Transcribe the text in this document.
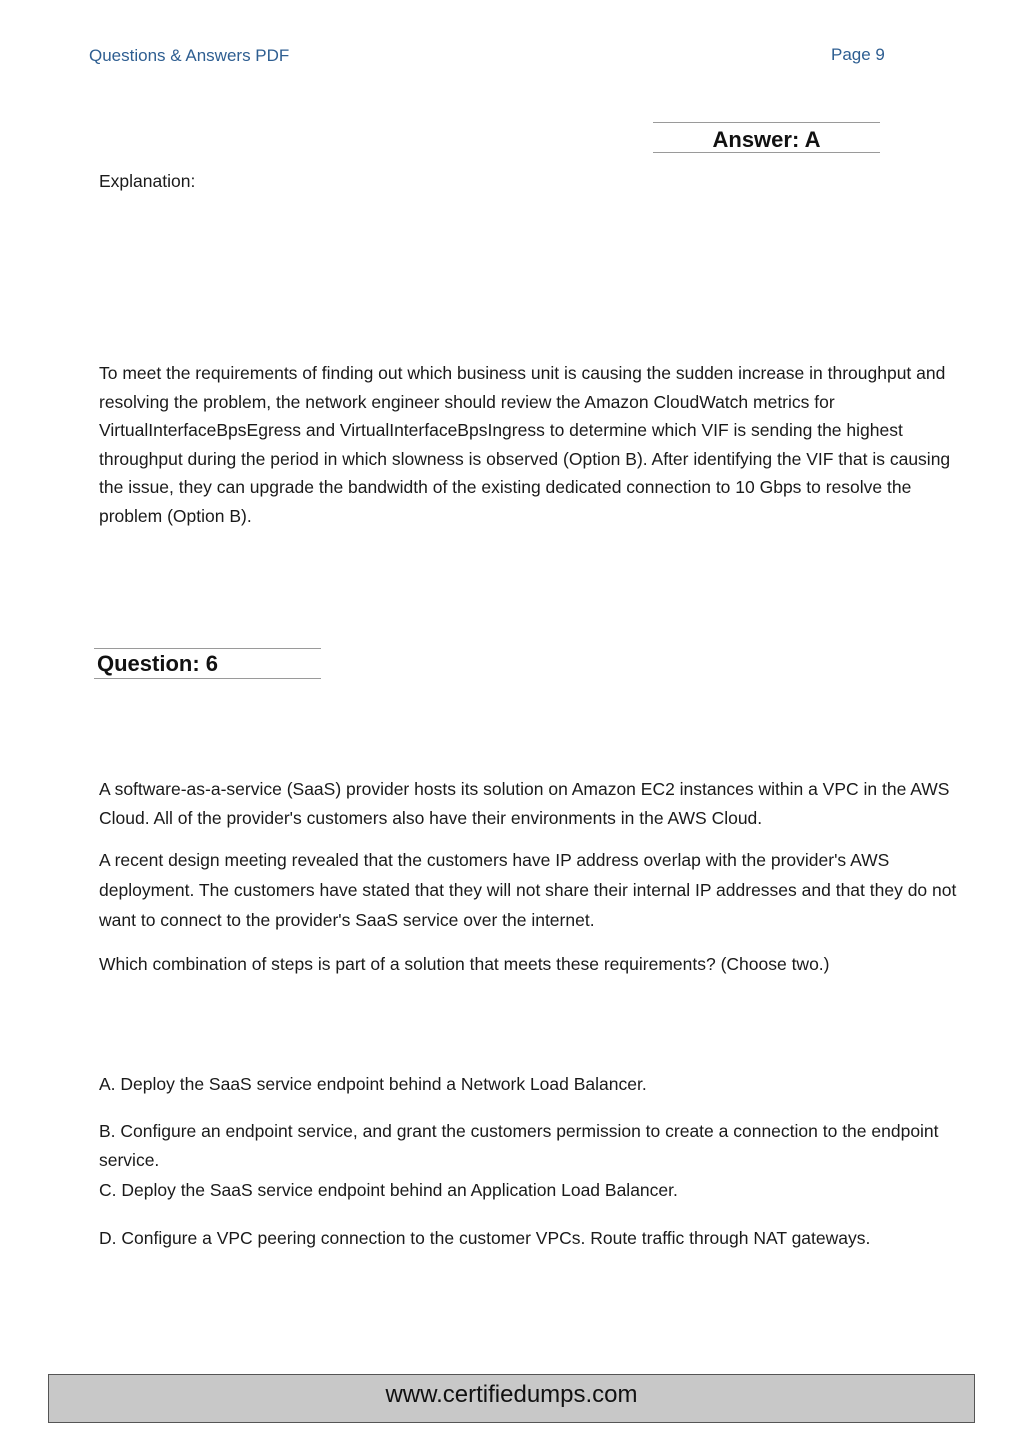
Questions & Answers PDF	Page 9
Answer: A
Explanation:
To meet the requirements of finding out which business unit is causing the sudden increase in throughput and resolving the problem, the network engineer should review the Amazon CloudWatch metrics for VirtualInterfaceBpsEgress and VirtualInterfaceBpsIngress to determine which VIF is sending the highest throughput during the period in which slowness is observed (Option B). After identifying the VIF that is causing the issue, they can upgrade the bandwidth of the existing dedicated connection to 10 Gbps to resolve the problem (Option B).
Question: 6
A software-as-a-service (SaaS) provider hosts its solution on Amazon EC2 instances within a VPC in the AWS Cloud. All of the provider's customers also have their environments in the AWS Cloud.
A recent design meeting revealed that the customers have IP address overlap with the provider's AWS deployment. The customers have stated that they will not share their internal IP addresses and that they do not want to connect to the provider's SaaS service over the internet.
Which combination of steps is part of a solution that meets these requirements? (Choose two.)
A. Deploy the SaaS service endpoint behind a Network Load Balancer.
B. Configure an endpoint service, and grant the customers permission to create a connection to the endpoint service.
C. Deploy the SaaS service endpoint behind an Application Load Balancer.
D. Configure a VPC peering connection to the customer VPCs. Route traffic through NAT gateways.
www.certifiedumps.com
